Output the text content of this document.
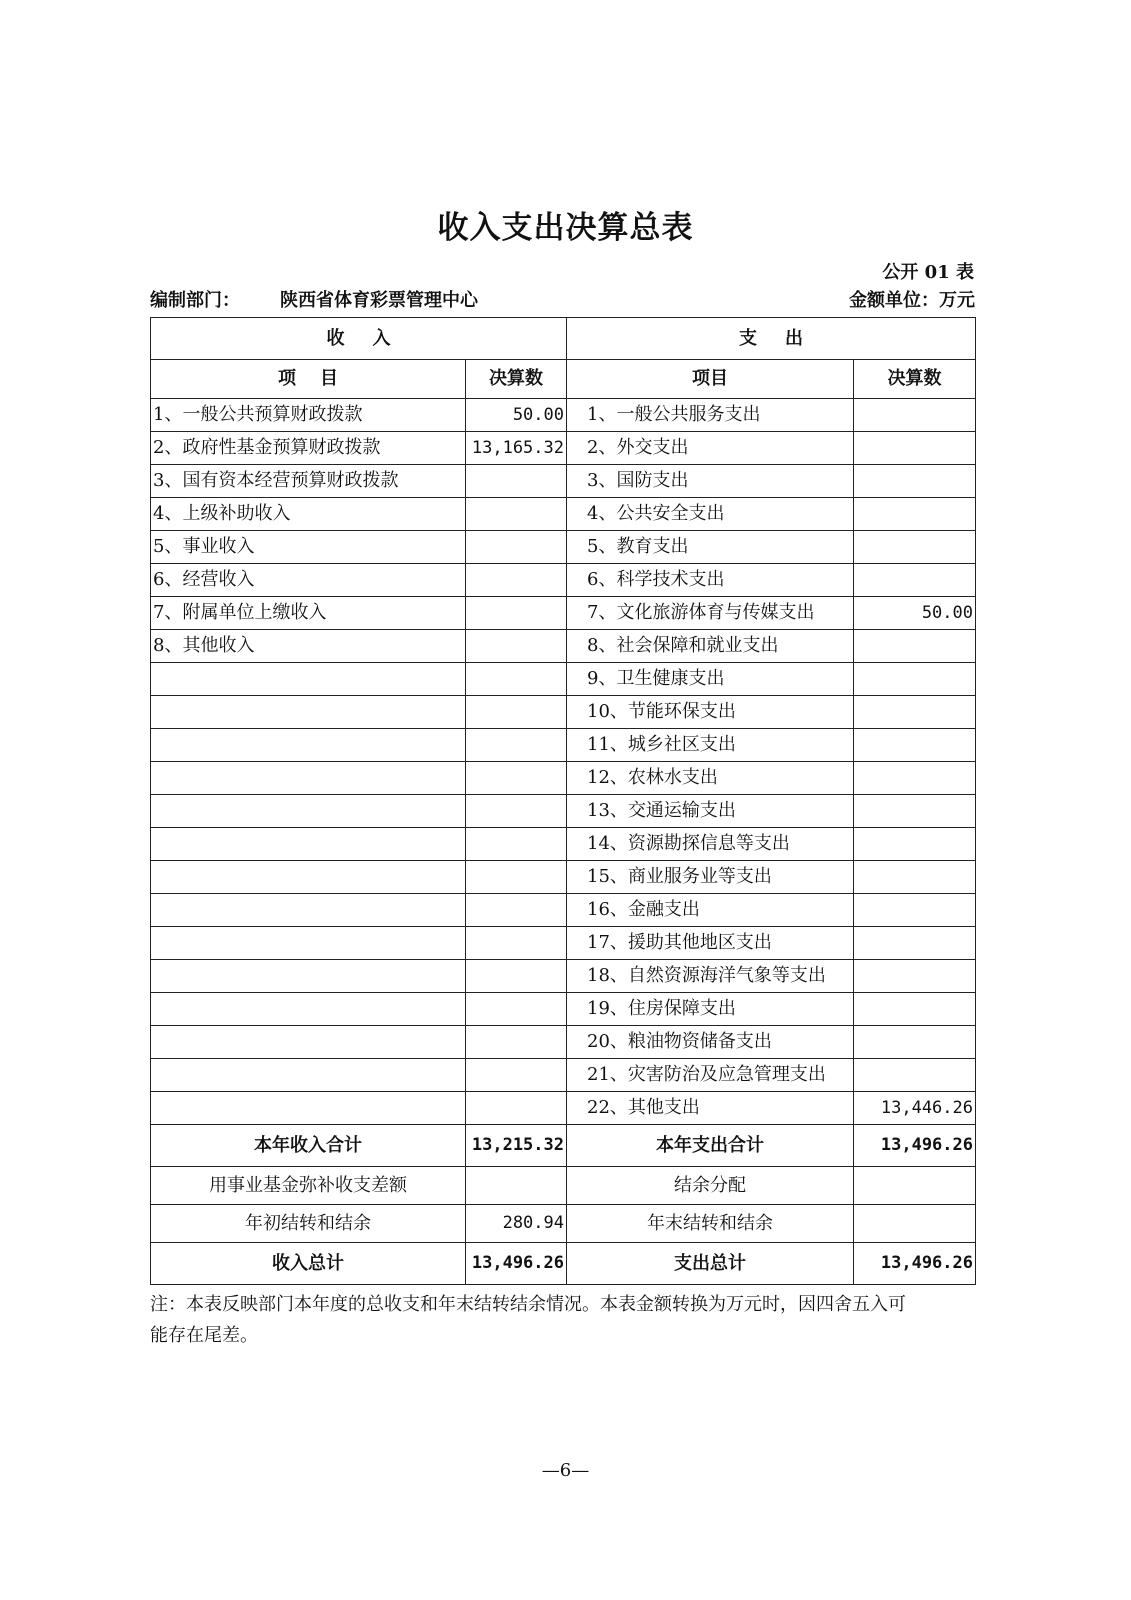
收入支出决算总表
公开 01 表
编制部门： 陕西省体育彩票管理中心	金额单位：万元
收入		支出	
项目	决算数	项目	决算数
1、一般公共预算财政拨款	50.00	1、一般公共服务支出	
2、政府性基金预算财政拨款	13,165.32	2、外交支出	
3、国有资本经营预算财政拨款		3、国防支出	
4、上级补助收入		4、公共安全支出	
5、事业收入		5、教育支出	
6、经营收入		6、科学技术支出	
7、附属单位上缴收入		7、文化旅游体育与传媒支出	50.00
8、其他收入		8、社会保障和就业支出	
		9、卫生健康支出	
		10、节能环保支出	
		11、城乡社区支出	
		12、农林水支出	
		13、交通运输支出	
		14、资源勘探信息等支出	
		15、商业服务业等支出	
		16、金融支出	
		17、援助其他地区支出	
		18、自然资源海洋气象等支出	
		19、住房保障支出	
		20、粮油物资储备支出	
		21、灾害防治及应急管理支出	
		22、其他支出	13,446.26
本年收入合计	13,215.32	本年支出合计	13,496.26
用事业基金弥补收支差额		结余分配	
年初结转和结余	280.94	年末结转和结余	
收入总计	13,496.26	支出总计	13,496.26
注：本表反映部门本年度的总收支和年末结转结余情况。本表金额转换为万元时，因四舍五入可
能存在尾差。
—6—
